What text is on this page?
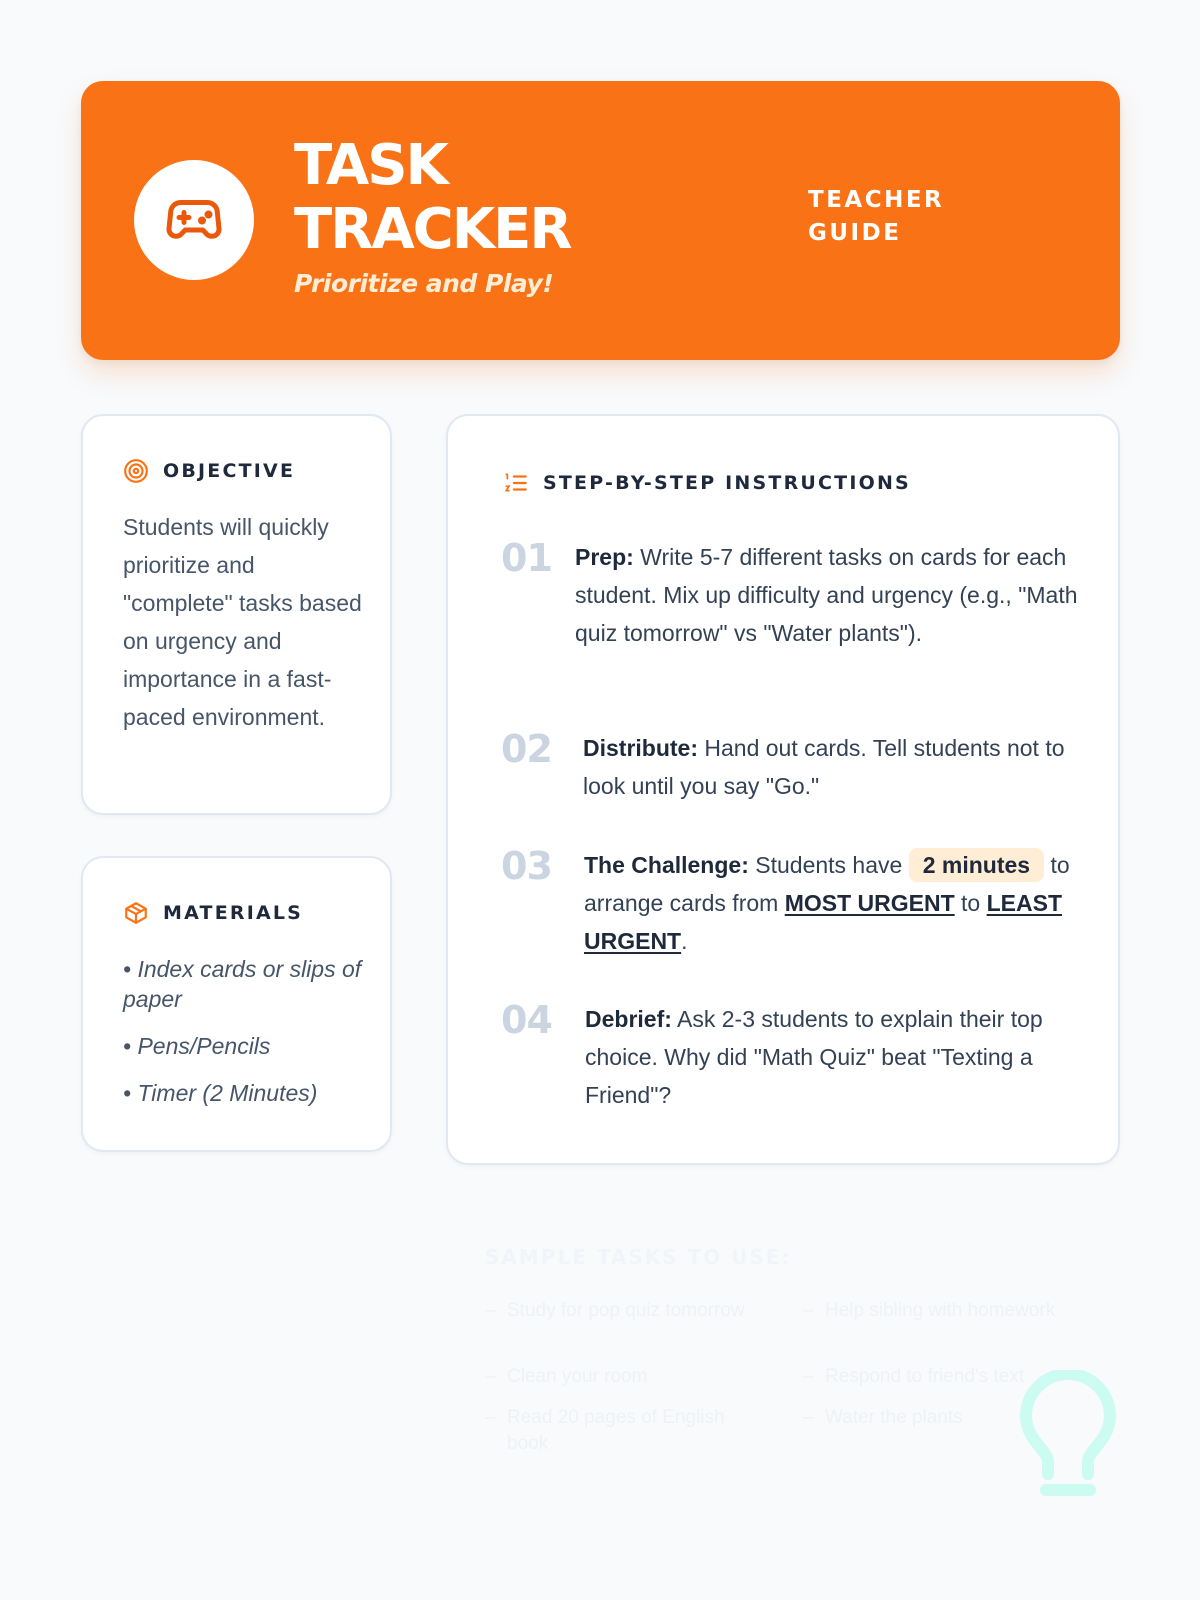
TASK
TRACKER
Prioritize and Play!
TEACHER
GUIDE
OBJECTIVE

Students will quickly prioritize and "complete" tasks based on urgency and importance in a fast-paced environment.

MATERIALS
• Index cards or slips of paper
• Pens/Pencils
• Timer (2 Minutes)
STEP-BY-STEP INSTRUCTIONS
01 Prep: Write 5-7 different tasks on cards for each student. Mix up difficulty and urgency (e.g., "Math quiz tomorrow" vs "Water plants").

02 Distribute: Hand out cards. Tell students not to look until you say "Go."

03 The Challenge: Students have 2 minutes to arrange cards from MOST URGENT to LEAST URGENT.

04 Debrief: Ask 2-3 students to explain their top choice. Why did "Math Quiz" beat "Texting a Friend"?

SAMPLE TASKS TO USE:
– Study for pop quiz tomorrow	– Help sibling with homework
– Clean your room	– Respond to friend's text
– Read 20 pages of English book
– Water the plants
